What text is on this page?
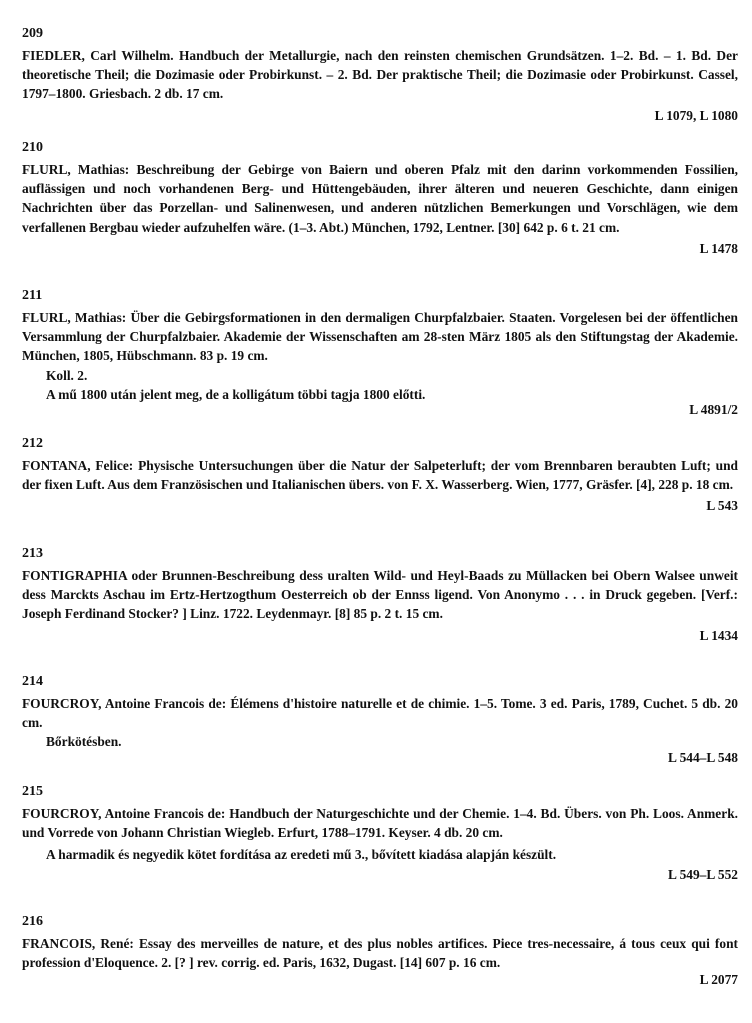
209
FIEDLER, Carl Wilhelm. Handbuch der Metallurgie, nach den reinsten chemischen Grundsätzen. 1–2. Bd. – 1. Bd. Der theoretische Theil; die Dozimasie oder Probirkunst. – 2. Bd. Der praktische Theil; die Dozimasie oder Probirkunst. Cassel, 1797–1800. Griesbach. 2 db. 17 cm.
L 1079, L 1080
210
FLURL, Mathias: Beschreibung der Gebirge von Baiern und oberen Pfalz mit den darinn vorkommenden Fossilien, auflässigen und noch vorhandenen Berg- und Hüttengebäuden, ihrer älteren und neueren Geschichte, dann einigen Nachrichten über das Porzellan- und Salinenwesen, und anderen nützlichen Bemerkungen und Vorschlägen, wie dem verfallenen Bergbau wieder aufzuhelfen wäre. (1–3. Abt.) München, 1792, Lentner. [30] 642 p. 6 t. 21 cm.
L 1478
211
FLURL, Mathias: Über die Gebirgsformationen in den dermaligen Churpfalzbaier. Staaten. Vorgelesen bei der öffentlichen Versammlung der Churpfalzbaier. Akademie der Wissenschaften am 28-sten März 1805 als den Stiftungstag der Akademie. München, 1805, Hübschmann. 83 p. 19 cm.
Koll. 2.
A mű 1800 után jelent meg, de a kolligátum többi tagja 1800 előtti.
L 4891/2
212
FONTANA, Felice: Physische Untersuchungen über die Natur der Salpeterluft; der vom Brennbaren beraubten Luft; und der fixen Luft. Aus dem Französischen und Italianischen übers. von F. X. Wasserberg. Wien, 1777, Gräsfer. [4], 228 p. 18 cm.
L 543
213
FONTIGRAPHIA oder Brunnen-Beschreibung dess uralten Wild- und Heyl-Baads zu Müllacken bei Obern Walsee unweit dess Marckts Aschau im Ertz-Hertzogthum Oesterreich ob der Ennss ligend. Von Anonymo . . . in Druck gegeben. [Verf.: Joseph Ferdinand Stocker? ] Linz. 1722. Leydenmayr. [8] 85 p. 2 t. 15 cm.
L 1434
214
FOURCROY, Antoine Francois de: Élémens d'histoire naturelle et de chimie. 1–5. Tome. 3 ed. Paris, 1789, Cuchet. 5 db. 20 cm.
Bőrkötésben.
L 544–L 548
215
FOURCROY, Antoine Francois de: Handbuch der Naturgeschichte und der Chemie. 1–4. Bd. Übers. von Ph. Loos. Anmerk. und Vorrede von Johann Christian Wiegleb. Erfurt, 1788–1791. Keyser. 4 db. 20 cm.
A harmadik és negyedik kötet fordítása az eredeti mű 3., bővített kiadása alapján készült.
L 549–L 552
216
FRANCOIS, René: Essay des merveilles de nature, et des plus nobles artifices. Piece tres-necessaire, á tous ceux qui font profession d'Eloquence. 2. [? ] rev. corrig. ed. Paris, 1632, Dugast. [14] 607 p. 16 cm.
L 2077
